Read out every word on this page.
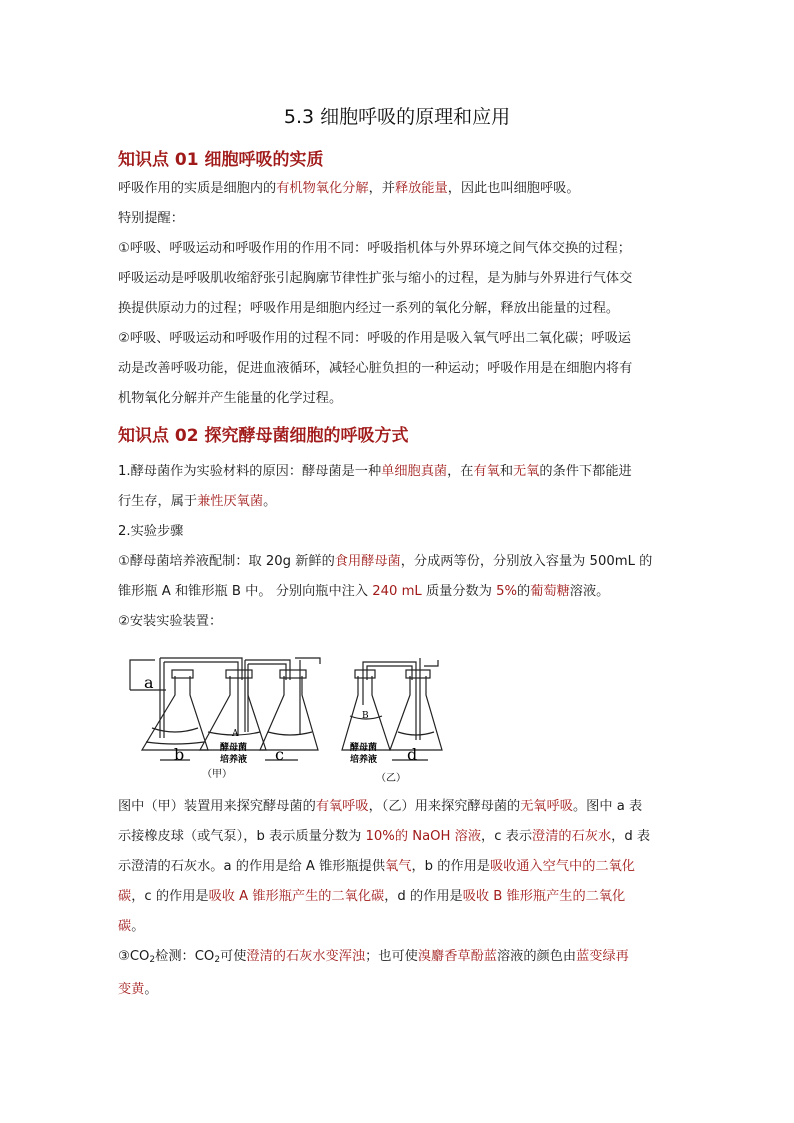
5.3 细胞呼吸的原理和应用
知识点 01 细胞呼吸的实质
呼吸作用的实质是细胞内的有机物氧化分解，并释放能量，因此也叫细胞呼吸。
特别提醒：
①呼吸、呼吸运动和呼吸作用的作用不同：呼吸指机体与外界环境之间气体交换的过程；
呼吸运动是呼吸肌收缩舒张引起胸廓节律性扩张与缩小的过程，是为肺与外界进行气体交
换提供原动力的过程；呼吸作用是细胞内经过一系列的氧化分解，释放出能量的过程。
②呼吸、呼吸运动和呼吸作用的过程不同：呼吸的作用是吸入氧气呼出二氧化碳；呼吸运
动是改善呼吸功能，促进血液循环，减轻心脏负担的一种运动；呼吸作用是在细胞内将有
机物氧化分解并产生能量的化学过程。
知识点 02 探究酵母菌细胞的呼吸方式
1.酵母菌作为实验材料的原因：酵母菌是一种单细胞真菌，在有氧和无氧的条件下都能进
行生存，属于兼性厌氧菌。
2.实验步骤
①酵母菌培养液配制：取 20g 新鲜的食用酵母菌，分成两等份，分别放入容量为 500mL 的
锥形瓶 A 和锥形瓶 B 中。 分别向瓶中注入 240 mL 质量分数为 5%的葡萄糖溶液。
②安装实验装置：
a
b	c	d
A
B
酵母菌
培养液
酵母菌
培养液
（甲）	（乙）
图中（甲）装置用来探究酵母菌的有氧呼吸，（乙）用来探究酵母菌的无氧呼吸。图中 a 表
示接橡皮球（或气泵），b 表示质量分数为 10%的 NaOH 溶液，c 表示澄清的石灰水，d 表
示澄清的石灰水。a 的作用是给 A 锥形瓶提供氧气，b 的作用是吸收通入空气中的二氧化
碳，c 的作用是吸收 A 锥形瓶产生的二氧化碳，d 的作用是吸收 B 锥形瓶产生的二氧化
碳。
$③CO_2$检测：$CO_2$可使澄清的石灰水变浑浊；也可使溴麝香草酚蓝溶液的颜色由蓝变绿再
变黄。
